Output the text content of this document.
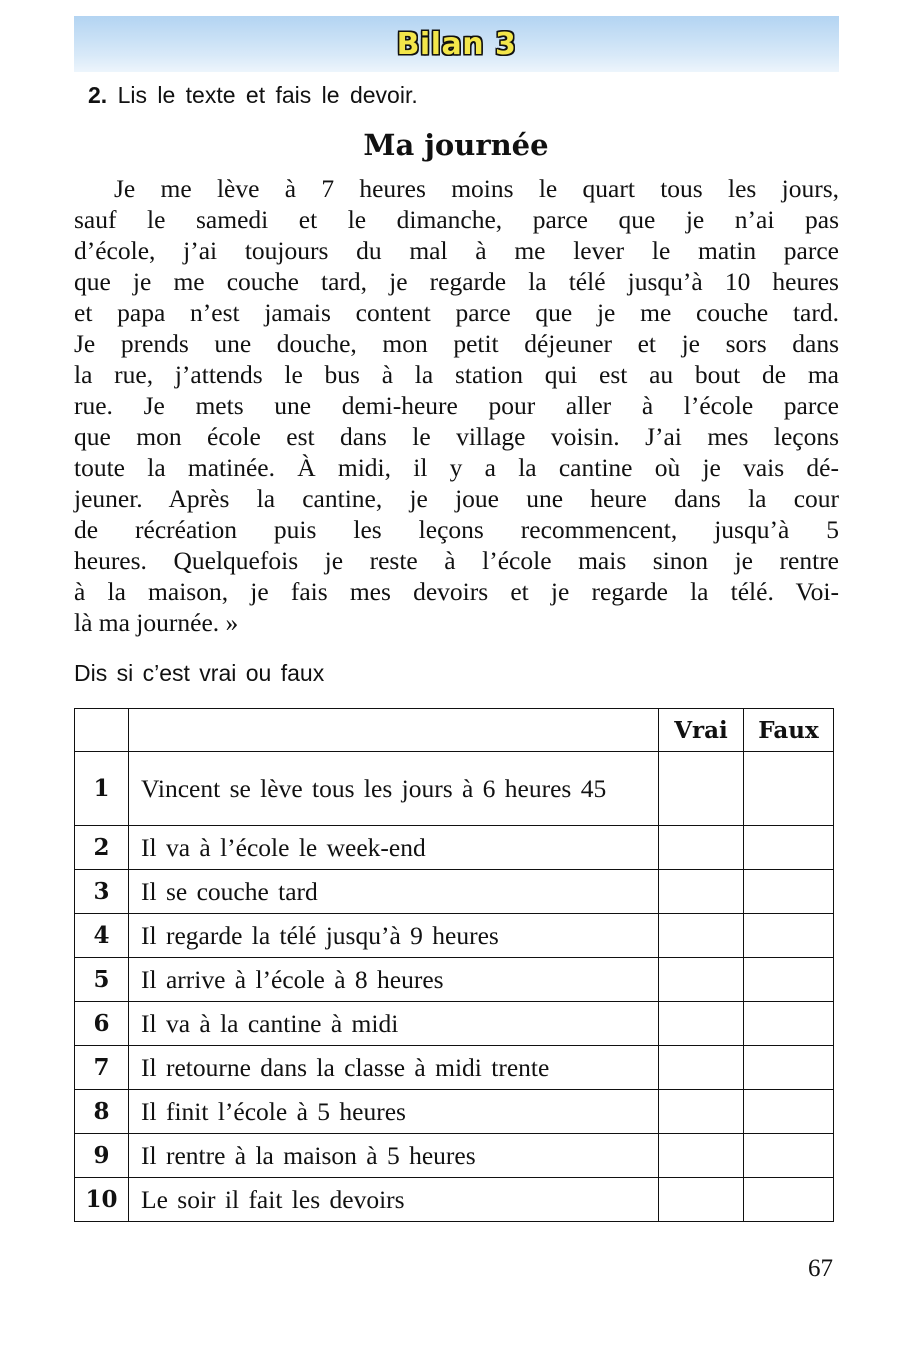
Bilan 3
2. Lis le texte et fais le devoir.
Ma journée
Je me lève à 7 heures moins le quart tous les jours,
sauf le samedi et le dimanche, parce que je n’ai pas
d’école, j’ai toujours du mal à me lever le matin parce
que je me couche tard, je regarde la télé jusqu’à 10 heures
et papa n’est jamais content parce que je me couche tard.
Je prends une douche, mon petit déjeuner et je sors dans
la rue, j’attends le bus à la station qui est au bout de ma
rue. Je mets une demi-heure pour aller à l’école parce
que mon école est dans le village voisin. J’ai mes leçons
toute la matinée. À midi, il y a la cantine où je vais dé-
jeuner. Après la cantine, je joue une heure dans la cour
de récréation puis les leçons recommencent, jusqu’à 5
heures. Quelquefois je reste à l’école mais sinon je rentre
à la maison, je fais mes devoirs et je regarde la télé. Voi-
là ma journée. »
Dis si c’est vrai ou faux
		Vrai	Faux
1	Vincent se lève tous les jours à 6 heures 45		
2	Il va à l’école le week-end		
3	Il se couche tard		
4	Il regarde la télé jusqu’à 9 heures		
5	Il arrive à l’école à 8 heures		
6	Il va à la cantine à midi		
7	Il retourne dans la classe à midi trente		
8	Il finit l’école à 5 heures		
9	Il rentre à la maison à 5 heures		
10	Le soir il fait les devoirs		
67
